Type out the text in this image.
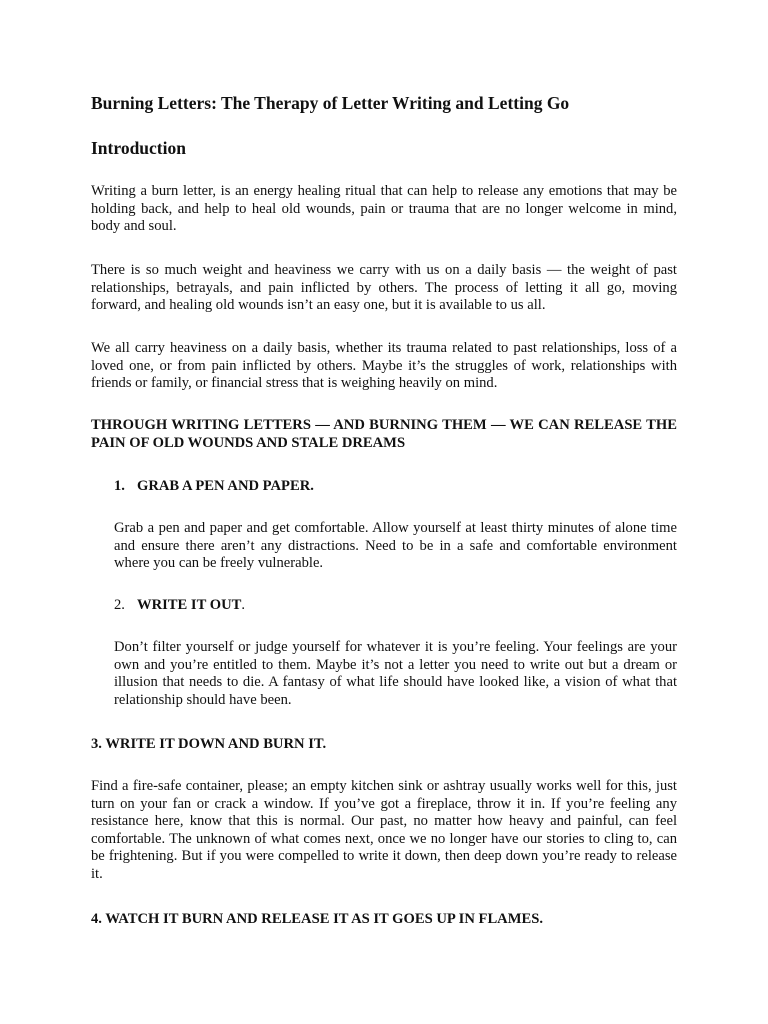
Burning Letters: The Therapy of Letter Writing and Letting Go
Introduction

Writing a burn letter, is an energy healing ritual that can help to release any emotions that may be holding back, and help to heal old wounds, pain or trauma that are no longer welcome in mind, body and soul.

There is so much weight and heaviness we carry with us on a daily basis — the weight of past relationships, betrayals, and pain inflicted by others. The process of letting it all go, moving forward, and healing old wounds isn’t an easy one, but it is available to us all.

We all carry heaviness on a daily basis, whether its trauma related to past relationships, loss of a loved one, or from pain inflicted by others. Maybe it’s the struggles of work, relationships with friends or family, or financial stress that is weighing heavily on mind.

THROUGH WRITING LETTERS — AND BURNING THEM — WE CAN RELEASE THE PAIN OF OLD WOUNDS AND STALE DREAMS

1. GRAB A PEN AND PAPER.

Grab a pen and paper and get comfortable. Allow yourself at least thirty minutes of alone time and ensure there aren’t any distractions. Need to be in a safe and comfortable environment where you can be freely vulnerable.

2. WRITE IT OUT.

Don’t filter yourself or judge yourself for whatever it is you’re feeling. Your feelings are your own and you’re entitled to them. Maybe it’s not a letter you need to write out but a dream or illusion that needs to die. A fantasy of what life should have looked like, a vision of what that relationship should have been.

3. WRITE IT DOWN AND BURN IT.

Find a fire-safe container, please; an empty kitchen sink or ashtray usually works well for this, just turn on your fan or crack a window. If you’ve got a fireplace, throw it in. If you’re feeling any resistance here, know that this is normal. Our past, no matter how heavy and painful, can feel comfortable. The unknown of what comes next, once we no longer have our stories to cling to, can be frightening. But if you were compelled to write it down, then deep down you’re ready to release it.

4. WATCH IT BURN AND RELEASE IT AS IT GOES UP IN FLAMES.
